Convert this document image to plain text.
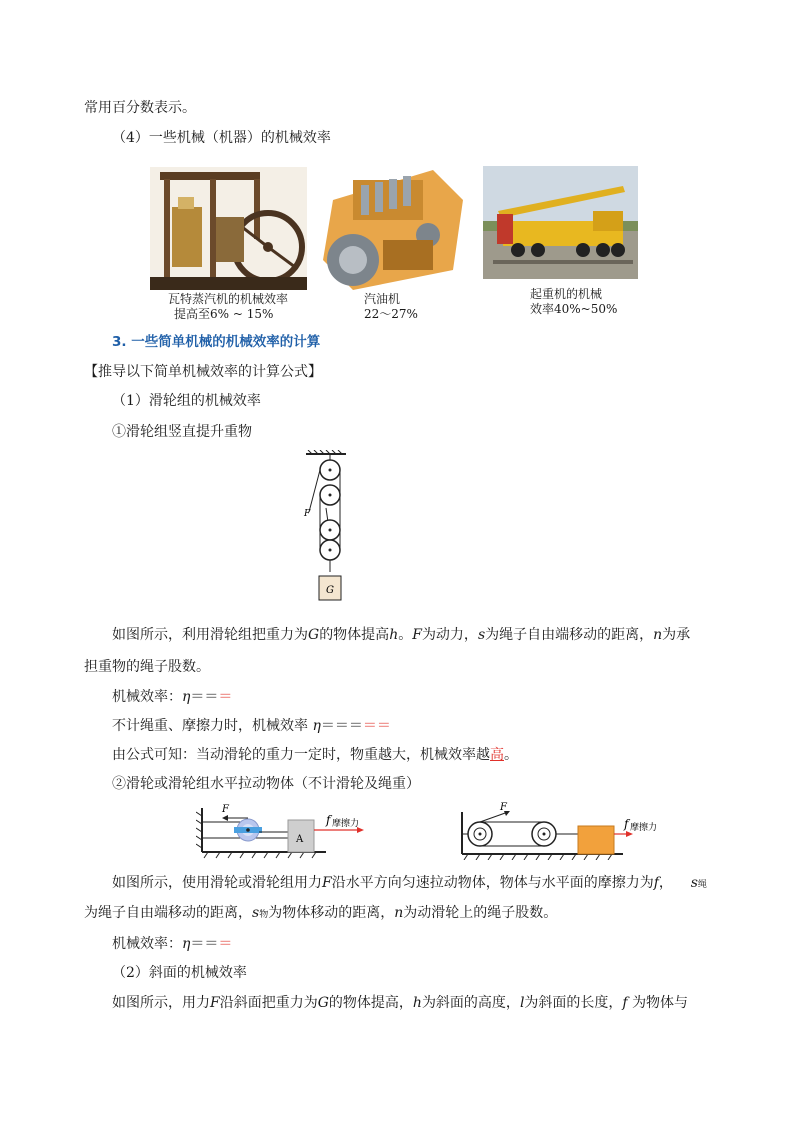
常用百分数表示。
（4）一些机械（机器）的机械效率
瓦特蒸汽机的机械效率
提高至6% ~ 15%
汽油机
22～27%
起重机的机械
效率40%~50%
3. 一些简单机械的机械效率的计算
【推导以下简单机械效率的计算公式】
（1）滑轮组的机械效率
①滑轮组竖直提升重物
F
G
如图所示，利用滑轮组把重力为G的物体提高h。F为动力，s为绳子自由端移动的距离，n为承
担重物的绳子股数。
机械效率：η＝＝＝
不计绳重、摩擦力时，机械效率 η＝＝＝＝＝
由公式可知：当动滑轮的重力一定时，物重越大，机械效率越高。
②滑轮或滑轮组水平拉动物体（不计滑轮及绳重）
F
A
f 摩擦力
F
f 摩擦力
如图所示，使用滑轮或滑轮组用力F沿水平方向匀速拉动物体，物体与水平面的摩擦力为f， s绳
为绳子自由端移动的距离，s物为物体移动的距离，n为动滑轮上的绳子股数。
机械效率：η＝＝＝
（2）斜面的机械效率
如图所示，用力F沿斜面把重力为G的物体提高，h为斜面的高度，l为斜面的长度，f 为物体与
